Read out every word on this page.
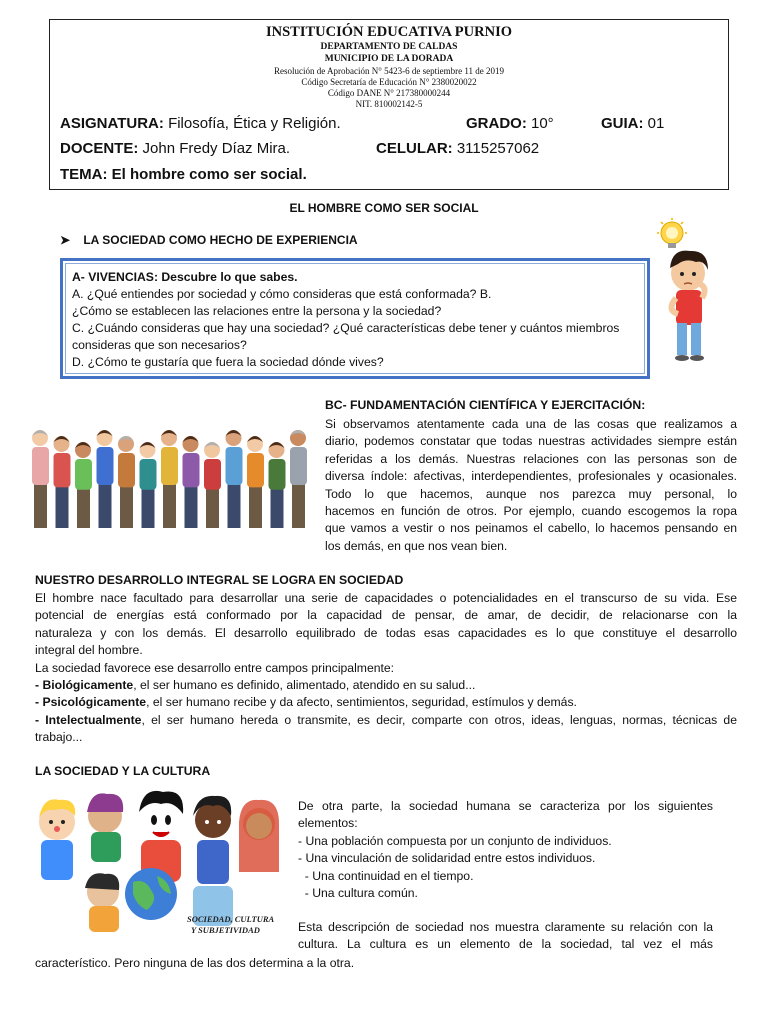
INSTITUCIÓN EDUCATIVA PURNIO
DEPARTAMENTO DE CALDAS
MUNICIPIO DE LA DORADA
Resolución de Aprobación N° 5423-6 de septiembre 11 de 2019
Código Secretaría de Educación N° 2380020022
Código DANE N° 217380000244
NIT. 810002142-5
ASIGNATURA: Filosofía, Ética y Religión.	GRADO: 10°	GUIA: 01
DOCENTE: John Fredy Díaz Mira.	CELULAR: 3115257062
TEMA: El hombre como ser social.
EL HOMBRE COMO SER SOCIAL
➤ LA SOCIEDAD COMO HECHO DE EXPERIENCIA
A- VIVENCIAS: Descubre lo que sabes.
A. ¿Qué entiendes por sociedad y cómo consideras que está conformada? B.
¿Cómo se establecen las relaciones entre la persona y la sociedad?
C. ¿Cuándo consideras que hay una sociedad? ¿Qué características debe tener y cuántos miembros
consideras que son necesarios?
D. ¿Cómo te gustaría que fuera la sociedad dónde vives?
BC- FUNDAMENTACIÓN CIENTÍFICA Y EJERCITACIÓN:
Si observamos atentamente cada una de las cosas que realizamos a
diario, podemos constatar que todas nuestras actividades siempre están
referidas a los demás. Nuestras relaciones con las personas son de
diversa índole: afectivas, interdependientes, profesionales y ocasionales.
Todo lo que hacemos, aunque nos parezca muy personal, lo
hacemos en función de otros. Por ejemplo, cuando escogemos la ropa
que vamos a vestir o nos peinamos el cabello, lo hacemos pensando en
los demás, en que nos vean bien.
NUESTRO DESARROLLO INTEGRAL SE LOGRA EN SOCIEDAD
El hombre nace facultado para desarrollar una serie de capacidades o potencialidades en el transcurso de su vida. Ese
potencial de energías está conformado por la capacidad de pensar, de amar, de decidir, de relacionarse con la
naturaleza y con los demás. El desarrollo equilibrado de todas esas capacidades es lo que constituye el desarrollo
integral del hombre.
La sociedad favorece ese desarrollo entre campos principalmente:
- Biológicamente, el ser humano es definido, alimentado, atendido en su salud...
- Psicológicamente, el ser humano recibe y da afecto, sentimientos, seguridad, estímulos y demás.
- Intelectualmente, el ser humano hereda o transmite, es decir, comparte con otros, ideas, lenguas, normas, técnicas de
trabajo...
LA SOCIEDAD Y LA CULTURA
SOCIEDAD, CULTURA
Y SUBJETIVIDAD
De otra parte, la sociedad humana se caracteriza por los siguientes
elementos:
- Una población compuesta por un conjunto de individuos.
- Una vinculación de solidaridad entre estos individuos.
- Una continuidad en el tiempo.
- Una cultura común.
Esta descripción de sociedad nos muestra claramente su relación con la
cultura. La cultura es un elemento de la sociedad, tal vez el más
característico. Pero ninguna de las dos determina a la otra.
